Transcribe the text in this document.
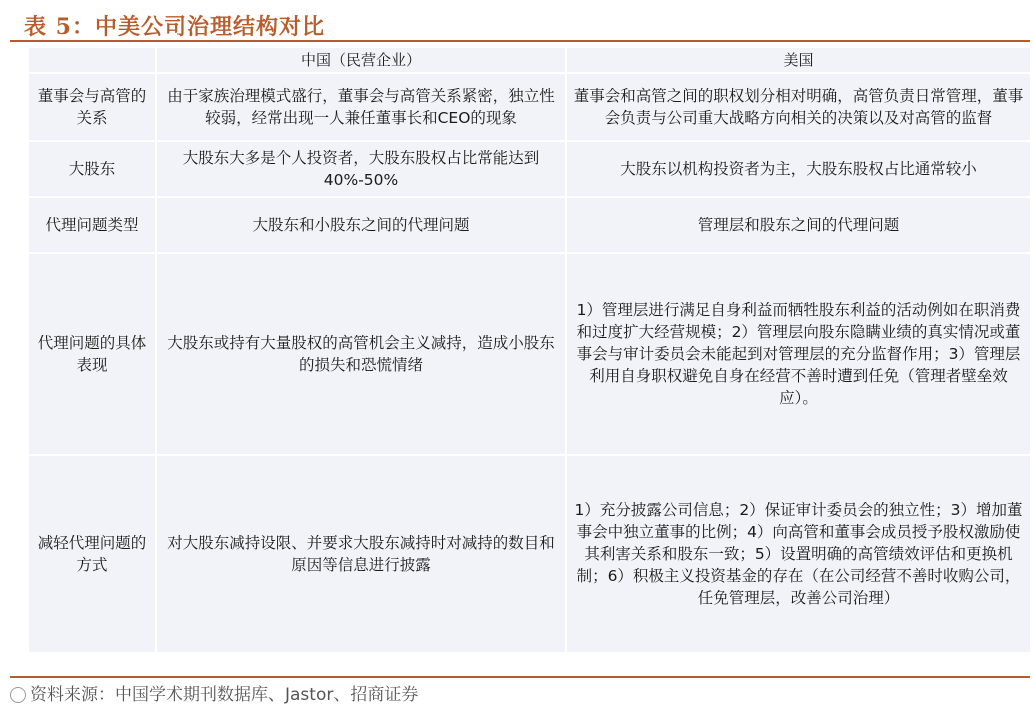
表 5：中美公司治理结构对比
	中国（民营企业）	美国
董事会与高管的关系	由于家族治理模式盛行，董事会与高管关系紧密，独立性较弱，经常出现一人兼任董事长和CEO的现象	董事会和高管之间的职权划分相对明确，高管负责日常管理，董事会负责与公司重大战略方向相关的决策以及对高管的监督
大股东	大股东大多是个人投资者，大股东股权占比常能达到40%-50%	大股东以机构投资者为主，大股东股权占比通常较小
代理问题类型	大股东和小股东之间的代理问题	管理层和股东之间的代理问题
代理问题的具体表现	大股东或持有大量股权的高管机会主义减持，造成小股东的损失和恐慌情绪	1）管理层进行满足自身利益而牺牲股东利益的活动例如在职消费和过度扩大经营规模；2）管理层向股东隐瞒业绩的真实情况或董事会与审计委员会未能起到对管理层的充分监督作用；3）管理层利用自身职权避免自身在经营不善时遭到任免（管理者壁垒效应）。
减轻代理问题的方式	对大股东减持设限、并要求大股东减持时对减持的数目和原因等信息进行披露	1）充分披露公司信息；2）保证审计委员会的独立性；3）增加董事会中独立董事的比例；4）向高管和董事会成员授予股权激励使其利害关系和股东一致；5）设置明确的高管绩效评估和更换机制；6）积极主义投资基金的存在（在公司经营不善时收购公司，任免管理层，改善公司治理）
资料来源：中国学术期刊数据库、Jastor、招商证券
